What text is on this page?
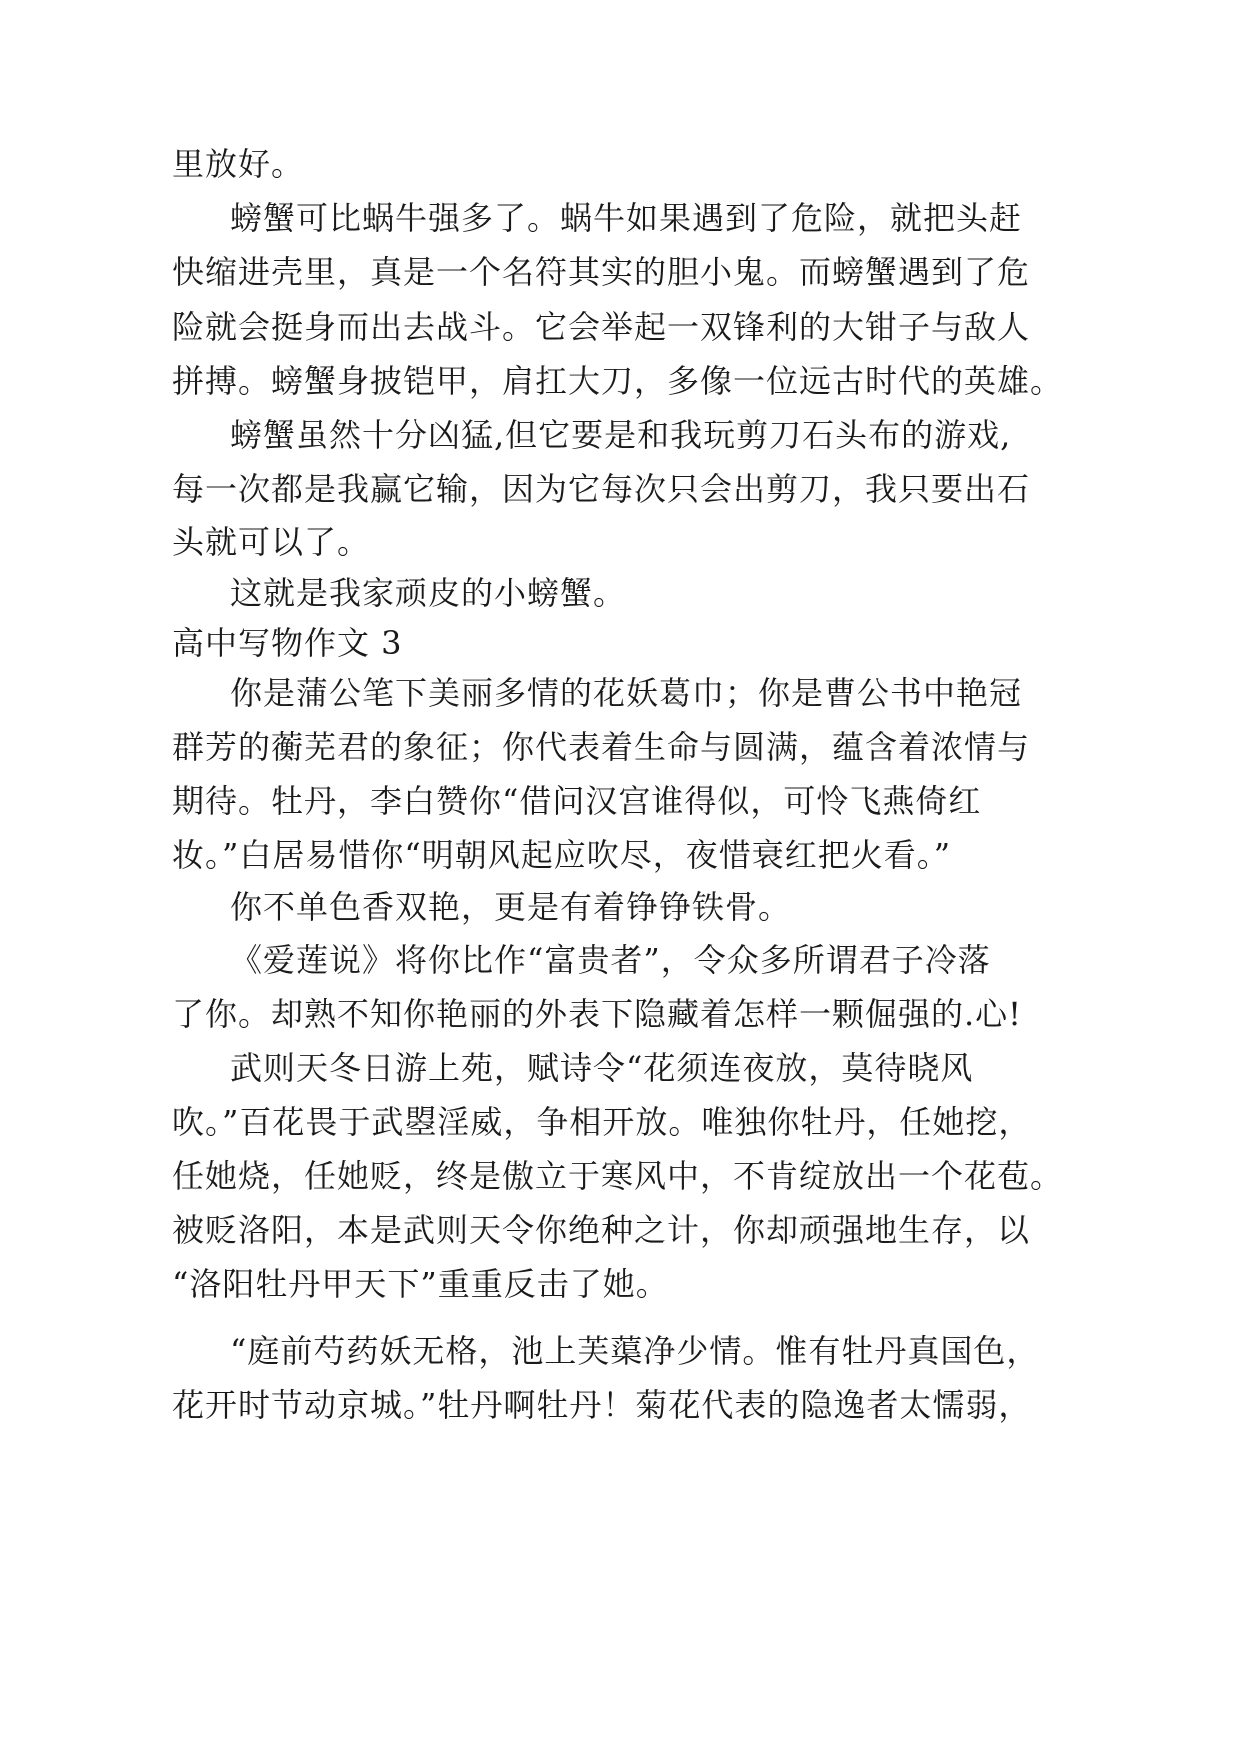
里放好。
螃蟹可比蜗牛强多了。蜗牛如果遇到了危险，就把头赶
快缩进壳里，真是一个名符其实的胆小鬼。而螃蟹遇到了危
险就会挺身而出去战斗。它会举起一双锋利的大钳子与敌人
拼搏。螃蟹身披铠甲，肩扛大刀，多像一位远古时代的英雄。
螃蟹虽然十分凶猛,但它要是和我玩剪刀石头布的游戏,
每一次都是我赢它输，因为它每次只会出剪刀，我只要出石
头就可以了。
这就是我家顽皮的小螃蟹。
高中写物作文 3
你是蒲公笔下美丽多情的花妖葛巾；你是曹公书中艳冠
群芳的蘅芜君的象征；你代表着生命与圆满，蕴含着浓情与
期待。牡丹，李白赞你“借问汉宫谁得似，可怜飞燕倚红
妆。”白居易惜你“明朝风起应吹尽，夜惜衰红把火看。”
你不单色香双艳，更是有着铮铮铁骨。
《爱莲说》将你比作“富贵者”，令众多所谓君子冷落
了你。却熟不知你艳丽的外表下隐藏着怎样一颗倔强的.心!
武则天冬日游上苑，赋诗令“花须连夜放，莫待晓风
吹。”百花畏于武曌淫威，争相开放。唯独你牡丹，任她挖，
任她烧，任她贬，终是傲立于寒风中，不肯绽放出一个花苞。
被贬洛阳，本是武则天令你绝种之计，你却顽强地生存，以
“洛阳牡丹甲天下”重重反击了她。
“庭前芍药妖无格，池上芙蕖净少情。惟有牡丹真国色，
花开时节动京城。”牡丹啊牡丹！菊花代表的隐逸者太懦弱，
